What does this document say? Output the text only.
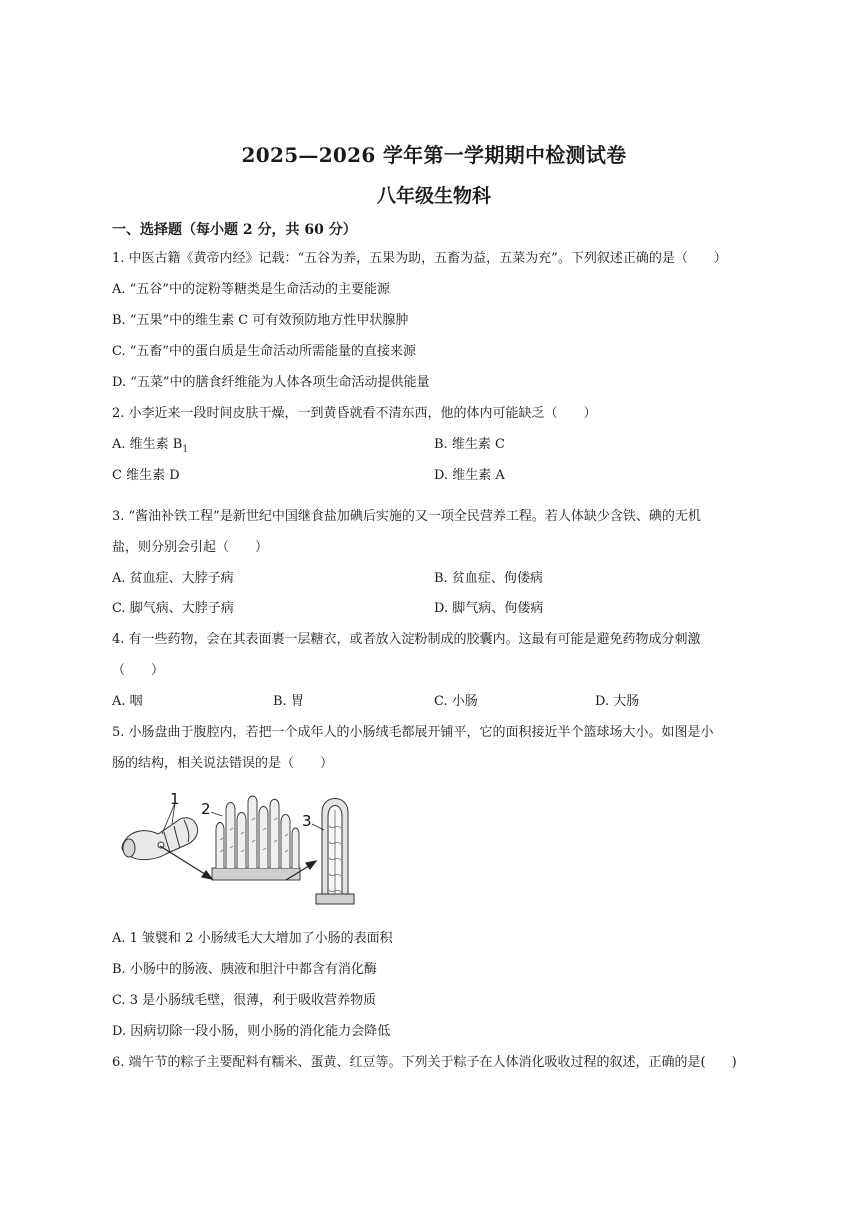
2025—2026 学年第一学期期中检测试卷
八年级生物科
一、选择题（每小题 2 分，共 60 分）
1. 中医古籍《黄帝内经》记载：“五谷为养，五果为助，五畜为益，五菜为充”。下列叙述正确的是（　　）
A. “五谷”中的淀粉等糖类是生命活动的主要能源
B. “五果”中的维生素 C 可有效预防地方性甲状腺肿
C. “五畜”中的蛋白质是生命活动所需能量的直接来源
D. “五菜”中的膳食纤维能为人体各项生命活动提供能量
2. 小李近来一段时间皮肤干燥，一到黄昏就看不清东西，他的体内可能缺乏（　　）
A. 维生素 $B_1$	B. 维生素 C
C 维生素 D	D. 维生素 A
3. “酱油补铁工程”是新世纪中国继食盐加碘后实施的又一项全民营养工程。若人体缺少含铁、碘的无机
盐，则分别会引起（　　）
A. 贫血症、大脖子病	B. 贫血症、佝偻病
C. 脚气病、大脖子病	D. 脚气病、佝偻病
4. 有一些药物，会在其表面裹一层糖衣，或者放入淀粉制成的胶囊内。这最有可能是避免药物成分刺激
（　　）
A. 咽	B. 胃	C. 小肠	D. 大肠
5. 小肠盘曲于腹腔内，若把一个成年人的小肠绒毛都展开铺平，它的面积接近半个篮球场大小。如图是小
肠的结构，相关说法错误的是（　　）
1
2
3
A. 1 皱襞和 2 小肠绒毛大大增加了小肠的表面积
B. 小肠中的肠液、胰液和胆汁中都含有消化酶
C. 3 是小肠绒毛壁，很薄，利于吸收营养物质
D. 因病切除一段小肠，则小肠的消化能力会降低
6. 端午节的粽子主要配料有糯米、蛋黄、红豆等。下列关于粽子在人体消化吸收过程的叙述，正确的是(　　)
